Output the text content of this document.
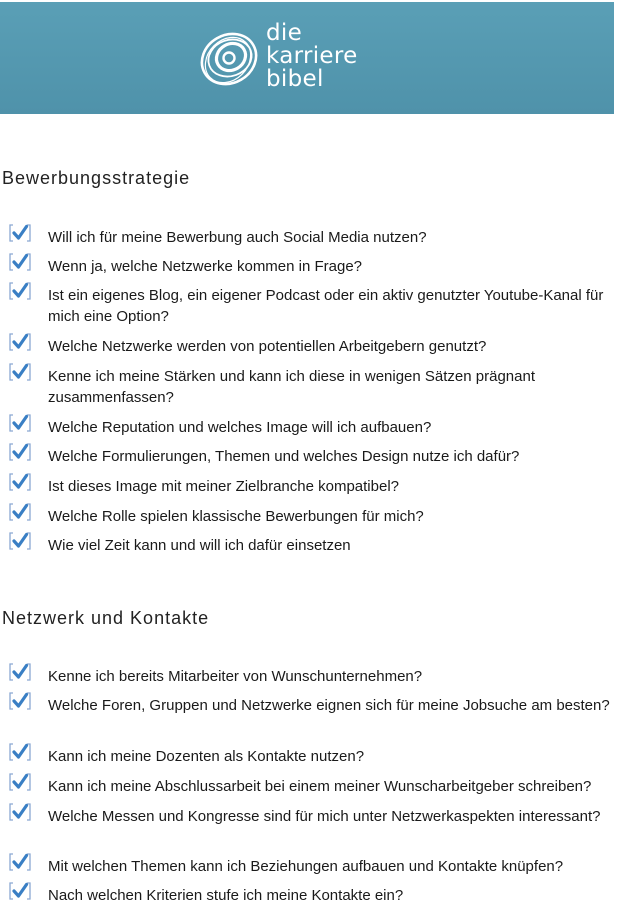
die
karriere
bibel
Bewerbungsstrategie
Will ich für meine Bewerbung auch Social Media nutzen?
Wenn ja, welche Netzwerke kommen in Frage?
Ist ein eigenes Blog, ein eigener Podcast oder ein aktiv genutzter Youtube-Kanal für mich eine Option?
Welche Netzwerke werden von potentiellen Arbeitgebern genutzt?
Kenne ich meine Stärken und kann ich diese in wenigen Sätzen prägnant zusammenfassen?
Welche Reputation und welches Image will ich aufbauen?
Welche Formulierungen, Themen und welches Design nutze ich dafür?
Ist dieses Image mit meiner Zielbranche kompatibel?
Welche Rolle spielen klassische Bewerbungen für mich?
Wie viel Zeit kann und will ich dafür einsetzen
Netzwerk und Kontakte
Kenne ich bereits Mitarbeiter von Wunschunternehmen?
Welche Foren, Gruppen und Netzwerke eignen sich für meine Jobsuche am besten?
Kann ich meine Dozenten als Kontakte nutzen?
Kann ich meine Abschlussarbeit bei einem meiner Wunscharbeitgeber schreiben?
Welche Messen und Kongresse sind für mich unter Netzwerkaspekten interessant?
Mit welchen Themen kann ich Beziehungen aufbauen und Kontakte knüpfen?
Nach welchen Kriterien stufe ich meine Kontakte ein?
